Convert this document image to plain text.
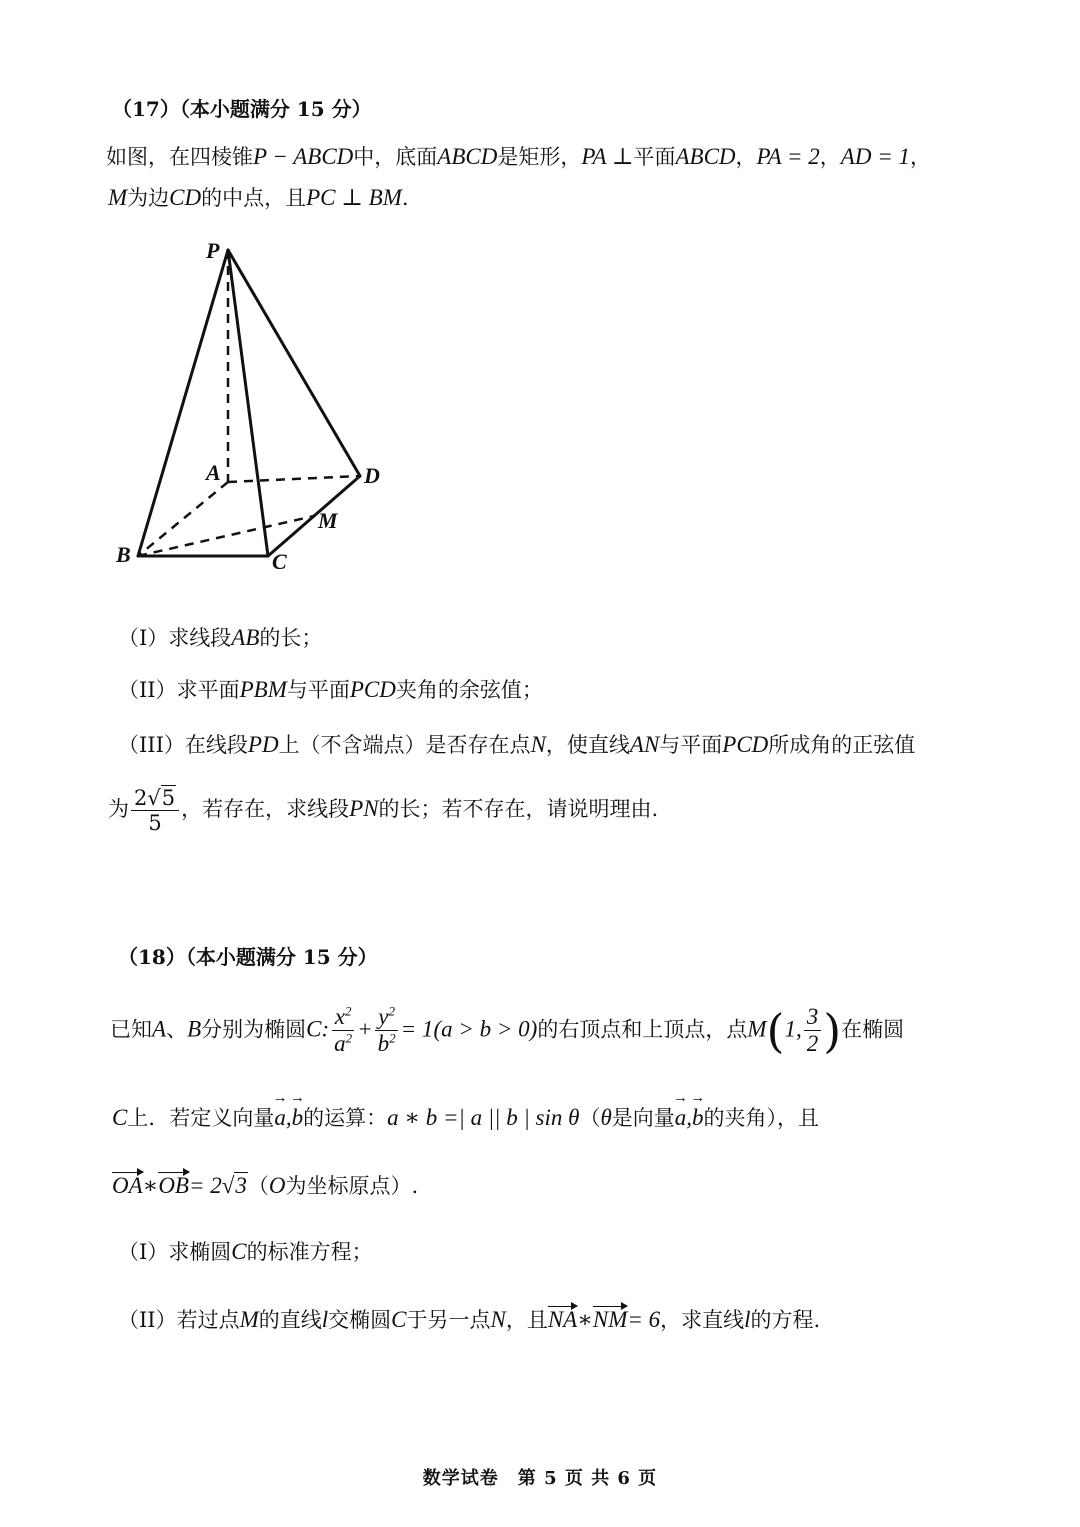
（17）（本小题满分 15 分）
如图，在四棱锥P − ABCD中，底面ABCD是矩形，PA ⊥平面ABCD，PA = 2，AD = 1，
M为边CD的中点，且PC ⊥ BM.
P
A	D
M
B	C
（I）求线段AB的长；
（II）求平面PBM与平面PCD夹角的余弦值；
（III）在线段PD上（不含端点）是否存在点N，使直线AN与平面PCD所成角的正弦值
为 $\frac{2√5}{5}$ ，若存在，求线段PN的长；若不存在，请说明理由.
（18）（本小题满分 15 分）
已知A、B分别为椭圆C: $\frac{x^2}{a^2} + \frac{y^2}{b^2} = 1(a > b > 0)$的右顶点和上顶点，点M(1, $\frac{3}{2}$ )在椭圆
C上．若定义向量→ a,→ b的运算：a ∗ b =| a || b | sin θ（θ是向量→ a,→ b的夹角），且
OA∗OB= 2√3（O为坐标原点）.
（I）求椭圆C的标准方程；
（II）若过点M的直线l交椭圆C于另一点N，且NA∗NM= 6，求直线l的方程.
数学试卷　第 5 页 共 6 页
